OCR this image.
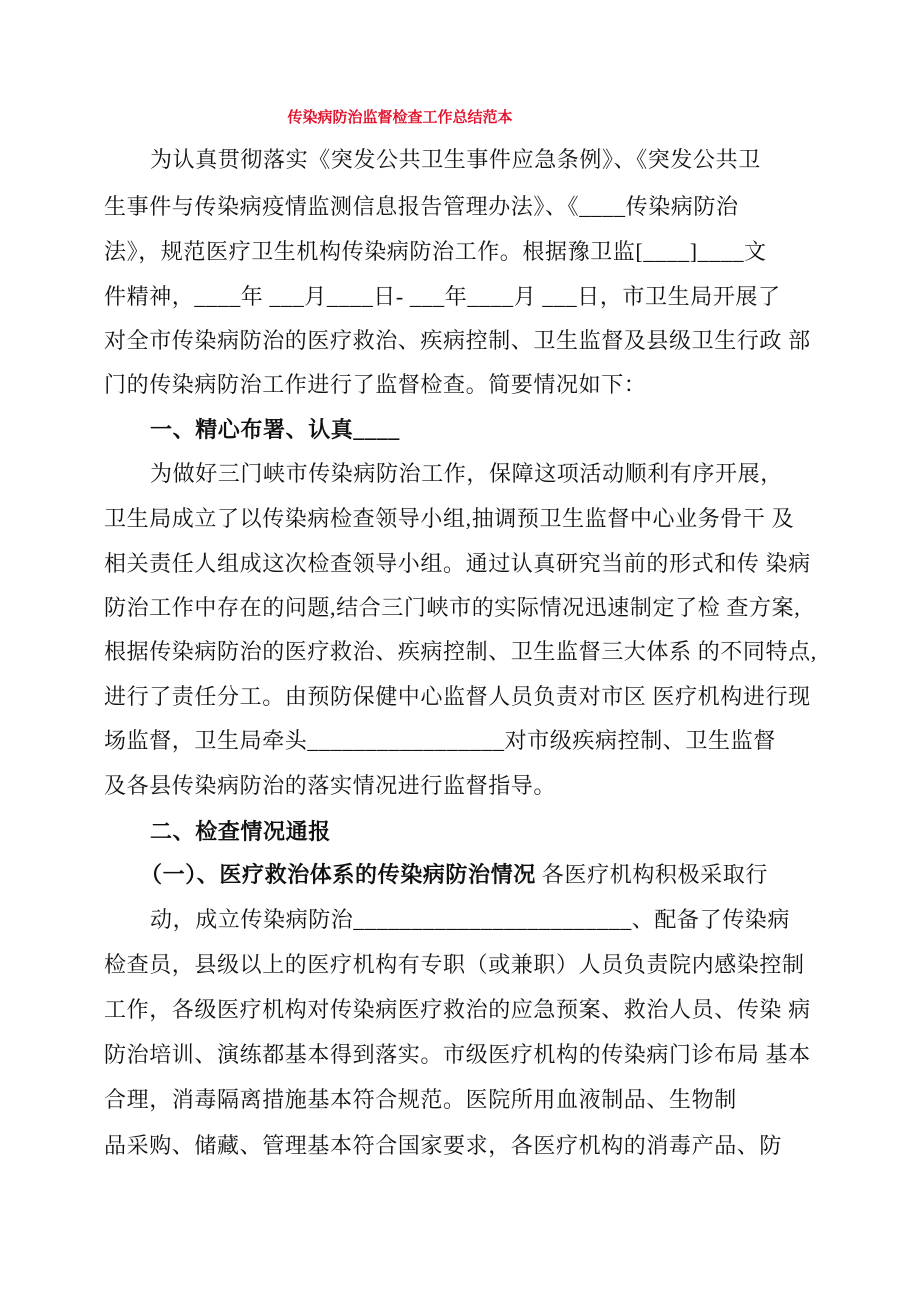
传染病防治监督检查工作总结范本
为认真贯彻落实《突发公共卫生事件应急条例》、《突发公共卫
生事件与传染病疫情监测信息报告管理办法》、《____传染病防治
法》，规范医疗卫生机构传染病防治工作。根据豫卫监[____]____文
件精神，____年 ___月____日- ___年____月 ___日，市卫生局开展了
对全市传染病防治的医疗救治、疾病控制、卫生监督及县级卫生行政 部
门的传染病防治工作进行了监督检查。简要情况如下：
一、精心布署、认真____
为做好三门峡市传染病防治工作，保障这项活动顺利有序开展，
卫生局成立了以传染病检查领导小组,抽调预卫生监督中心业务骨干 及
相关责任人组成这次检查领导小组。通过认真研究当前的形式和传 染病
防治工作中存在的问题,结合三门峡市的实际情况迅速制定了检 查方案,
根据传染病防治的医疗救治、疾病控制、卫生监督三大体系 的不同特点,
进行了责任分工。由预防保健中心监督人员负责对市区 医疗机构进行现
场监督，卫生局牵头_________________对市级疾病控制、卫生监督
及各县传染病防治的落实情况进行监督指导。
二、检查情况通报
（一）、医疗救治体系的传染病防治情况 各医疗机构积极采取行
动，成立传染病防治________________________、配备了传染病
检查员，县级以上的医疗机构有专职（或兼职）人员负责院内感染控制
工作，各级医疗机构对传染病医疗救治的应急预案、救治人员、传染 病
防治培训、演练都基本得到落实。市级医疗机构的传染病门诊布局 基本
合理，消毒隔离措施基本符合规范。医院所用血液制品、生物制
品采购、储藏、管理基本符合国家要求，各医疗机构的消毒产品、防
